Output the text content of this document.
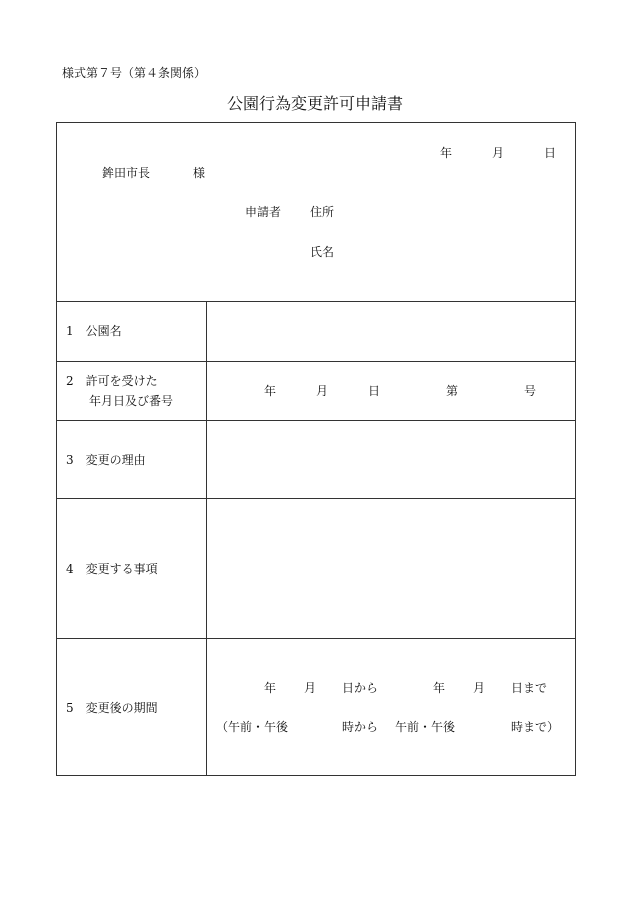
様式第７号（第４条関係）
公園行為変更許可申請書
年	月	日
鉾田市長	様
申請者 住所
氏名
1　公園名
2　許可を受けた
年月日及び番号
年	月	日	第	号
3　変更の理由
4　変更する事項
5　変更後の期間
年 月 日から	年 月 日まで
（午前・午後	時から 午前・午後	時まで）
